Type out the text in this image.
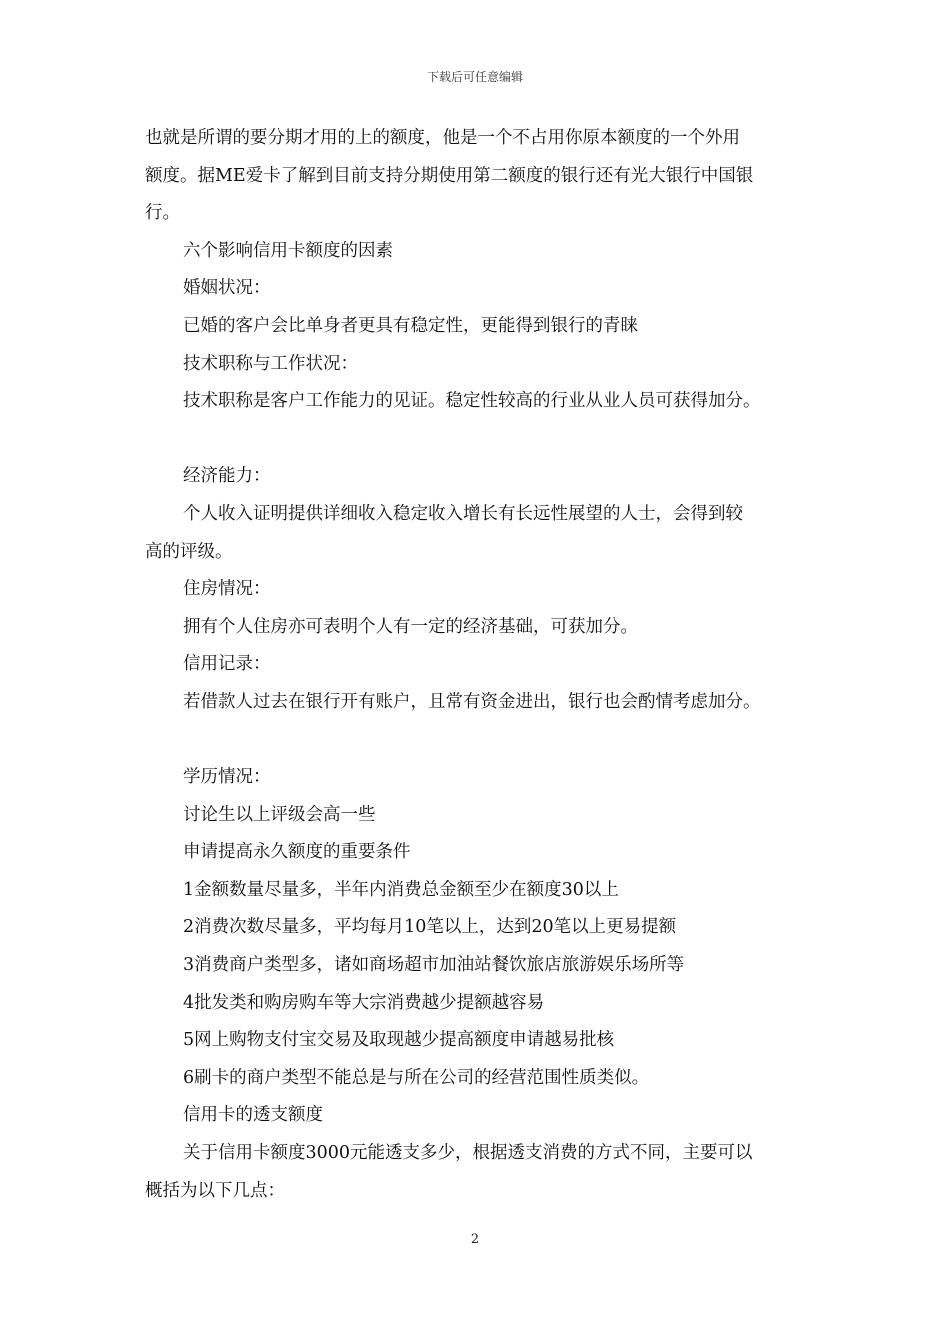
下载后可任意编辑

也就是所谓的要分期才用的上的额度，他是一个不占用你原本额度的一个外用

额度。据ME爱卡了解到目前支持分期使用第二额度的银行还有光大银行中国银

行。

六个影响信用卡额度的因素

婚姻状况：

已婚的客户会比单身者更具有稳定性，更能得到银行的青睐

技术职称与工作状况：

技术职称是客户工作能力的见证。稳定性较高的行业从业人员可获得加分。

经济能力：

个人收入证明提供详细收入稳定收入增长有长远性展望的人士，会得到较

高的评级。

住房情况：

拥有个人住房亦可表明个人有一定的经济基础，可获加分。

信用记录：

若借款人过去在银行开有账户，且常有资金进出，银行也会酌情考虑加分。

学历情况：

讨论生以上评级会高一些

申请提高永久额度的重要条件

1金额数量尽量多，半年内消费总金额至少在额度30以上

2消费次数尽量多，平均每月10笔以上，达到20笔以上更易提额

3消费商户类型多，诸如商场超市加油站餐饮旅店旅游娱乐场所等

4批发类和购房购车等大宗消费越少提额越容易

5网上购物支付宝交易及取现越少提高额度申请越易批核

6刷卡的商户类型不能总是与所在公司的经营范围性质类似。

信用卡的透支额度

关于信用卡额度3000元能透支多少，根据透支消费的方式不同，主要可以

概括为以下几点：

2
